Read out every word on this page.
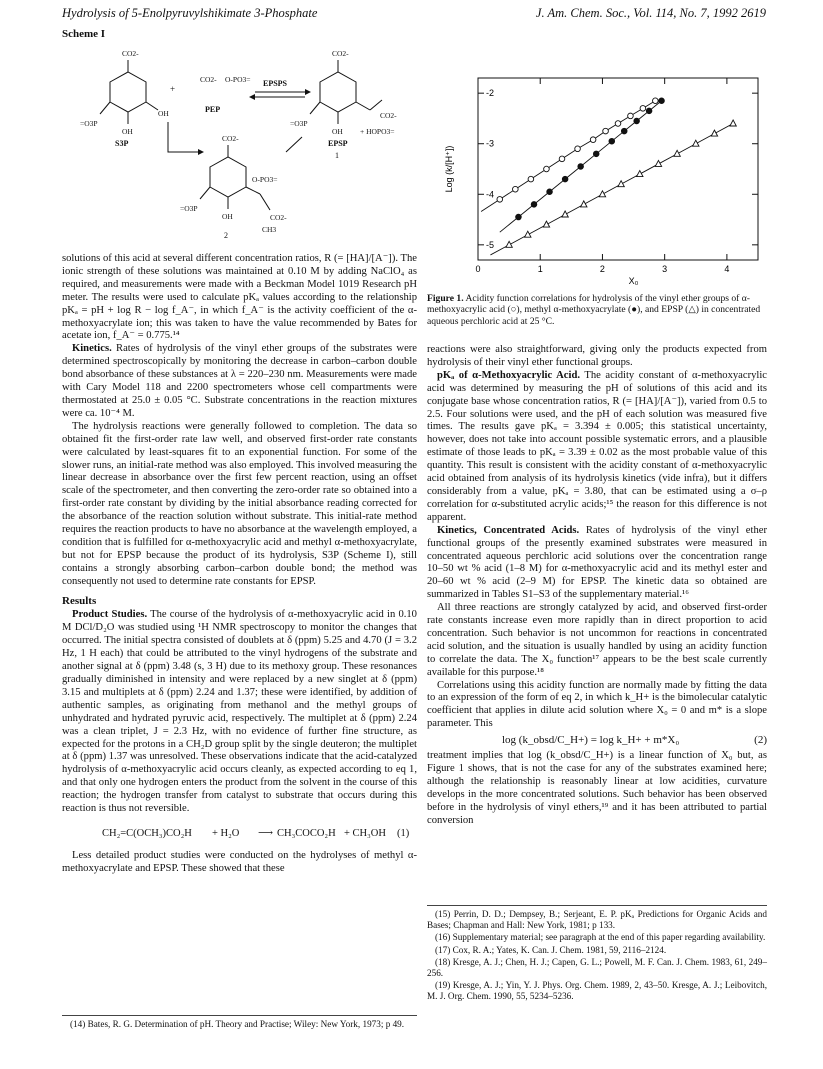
Hydrolysis of 5-Enolpyruvylshikimate 3-Phosphate	J. Am. Chem. Soc., Vol. 114, No. 7, 1992 2619
Scheme I
CO2-
OH
=O3P
OH
S3P
+
CO2- O-PO3=
PEP
EPSPS
CO2-
CO2-
=O3P
OH
EPSP
+ HOPO3=
1
CO2-
O-PO3=
CO2-
CH3
=O3P
OH
2

solutions of this acid at several different concentration ratios, R (= [HA]/[A⁻]). The ionic strength of these solutions was maintained at 0.10 M by adding NaClO₄ as required, and measurements were made with a Beckman Model 1019 Research pH meter. The results were used to calculate pKₐ values according to the relationship pKₐ = pH + log R − log f_A⁻, in which f_A⁻ is the activity coefficient of the α-methoxyacrylate ion; this was taken to have the value recommended by Bates for acetate ion, f_A⁻ = 0.775.¹⁴

Kinetics. Rates of hydrolysis of the vinyl ether groups of the substrates were determined spectroscopically by monitoring the decrease in carbon–carbon double bond absorbance of these substances at λ = 220–230 nm. Measurements were made with Cary Model 118 and 2200 spectrometers whose cell compartments were thermostated at 25.0 ± 0.05 °C. Substrate concentrations in the reaction mixtures were ca. 10⁻⁴ M.

The hydrolysis reactions were generally followed to completion. The data so obtained fit the first-order rate law well, and observed first-order rate constants were calculated by least-squares fit to an exponential function. For some of the slower runs, an initial-rate method was also employed. This involved measuring the linear decrease in absorbance over the first few percent reaction, using an offset scale of the spectrometer, and then converting the zero-order rate so obtained into a first-order rate constant by dividing by the initial absorbance reading corrected for the absorbance of the reaction solution without substrate. This initial-rate method requires the reaction products to have no absorbance at the wavelength employed, a condition that is fulfilled for α-methoxyacrylic acid and methyl α-methoxyacrylate, but not for EPSP because the product of its hydrolysis, S3P (Scheme I), still contains a strongly absorbing carbon–carbon double bond; the method was consequently not used to determine rate constants for EPSP.

Results

Product Studies. The course of the hydrolysis of α-methoxyacrylic acid in 0.10 M DCl/D₂O was studied using ¹H NMR spectroscopy to monitor the changes that occurred. The initial spectra consisted of doublets at δ (ppm) 5.25 and 4.70 (J = 3.2 Hz, 1 H each) that could be attributed to the vinyl hydrogens of the substrate and another signal at δ (ppm) 3.48 (s, 3 H) due to its methoxy group. These resonances gradually diminished in intensity and were replaced by a new singlet at δ (ppm) 3.15 and multiplets at δ (ppm) 2.24 and 1.37; these were identified, by addition of authentic samples, as originating from methanol and the methyl groups of unhydrated and hydrated pyruvic acid, respectively. The multiplet at δ (ppm) 2.24 was a clean triplet, J = 2.3 Hz, with no evidence of further fine structure, as expected for the protons in a CH₂D group split by the single deuteron; the multiplet at δ (ppm) 1.37 was unresolved. These observations indicate that the acid-catalyzed hydrolysis of α-methoxyacrylic acid occurs cleanly, as expected according to eq 1, and that only one hydrogen enters the product from the solvent in the course of this reaction; the hydrogen transfer from catalyst to substrate that occurs during this reaction is thus not reversible.

CH₂=C(OCH₃)CO₂H + H₂O ⟶ CH₃COCO₂H + CH₃OH (1)

Less detailed product studies were conducted on the hydrolyses of methyl α-methoxyacrylate and EPSP. These showed that these

(14) Bates, R. G. Determination of pH. Theory and Practise; Wiley: New York, 1973; p 49.

0	1	2	3	4
-2
-3
-4
-5
X₀
Log (k/[H⁺])
Figure 1. Acidity function correlations for hydrolysis of the vinyl ether groups of α-methoxyacrylic acid (○), methyl α-methoxyacrylate (●), and EPSP (△) in concentrated aqueous perchloric acid at 25 °C.

reactions were also straightforward, giving only the products expected from hydrolysis of their vinyl ether functional groups.

pKₐ of α-Methoxyacrylic Acid. The acidity constant of α-methoxyacrylic acid was determined by measuring the pH of solutions of this acid and its conjugate base whose concentration ratios, R (= [HA]/[A⁻]), varied from 0.5 to 2.5. Four solutions were used, and the pH of each solution was measured five times. The results gave pKₐ = 3.394 ± 0.005; this statistical uncertainty, however, does not take into account possible systematic errors, and a plausible estimate of those leads to pKₐ = 3.39 ± 0.02 as the most probable value of this quantity. This result is consistent with the acidity constant of α-methoxyacrylic acid obtained from analysis of its hydrolysis kinetics (vide infra), but it differs considerably from a value, pKₐ = 3.80, that can be estimated using a σ–ρ correlation for α-substituted acrylic acids;¹⁵ the reason for this difference is not apparent.

Kinetics, Concentrated Acids. Rates of hydrolysis of the vinyl ether functional groups of the presently examined substrates were measured in concentrated aqueous perchloric acid solutions over the concentration range 10–50 wt % acid (1–8 M) for α-methoxyacrylic acid and its methyl ester and 20–60 wt % acid (2–9 M) for EPSP. The kinetic data so obtained are summarized in Tables S1–S3 of the supplementary material.¹⁶

All three reactions are strongly catalyzed by acid, and observed first-order rate constants increase even more rapidly than in direct proportion to acid concentration. Such behavior is not uncommon for reactions in concentrated acid solution, and the situation is usually handled by using an acidity function to correlate the data. The X₀ function¹⁷ appears to be the best scale currently available for this purpose.¹⁸

Correlations using this acidity function are normally made by fitting the data to an expression of the form of eq 2, in which k_H+ is the bimolecular catalytic coefficient that applies in dilute acid solution where X₀ = 0 and m* is a slope parameter. This

log (k_obsd/C_H+) = log k_H+ + m*X₀	(2)

treatment implies that log (k_obsd/C_H+) is a linear function of X₀ but, as Figure 1 shows, that is not the case for any of the substrates examined here; although the relationship is reasonably linear at low acidities, curvature develops in the more concentrated solutions. Such behavior has been observed before in the hydrolysis of vinyl ethers,¹⁹ and it has been attributed to partial conversion

(15) Perrin, D. D.; Dempsey, B.; Serjeant, E. P. pKₐ Predictions for Organic Acids and Bases; Chapman and Hall: New York, 1981; p 133.

(16) Supplementary material; see paragraph at the end of this paper regarding availability.

(17) Cox, R. A.; Yates, K. Can. J. Chem. 1981, 59, 2116–2124.

(18) Kresge, A. J.; Chen, H. J.; Capen, G. L.; Powell, M. F. Can. J. Chem. 1983, 61, 249–256.

(19) Kresge, A. J.; Yin, Y. J. Phys. Org. Chem. 1989, 2, 43–50. Kresge, A. J.; Leibovitch, M. J. Org. Chem. 1990, 55, 5234–5236.
